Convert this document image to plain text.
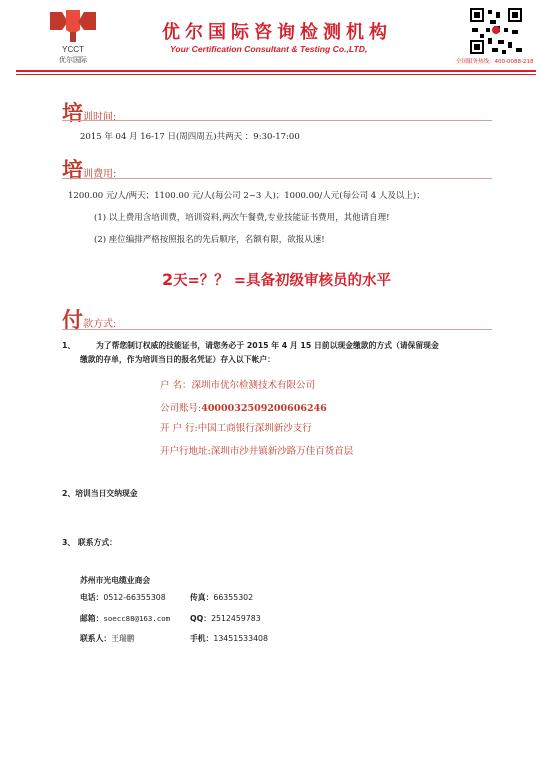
YCCT
优尔国际
优尔国际咨询检测机构
Your Certification Consultant & Testing Co.,LTD,
全国服务热线：400-0088-218
培训时间:
2015 年 04 月 16-17 日(周四周五)共两天 ：9:30-17:00
培训费用:
1200.00 元/人/两天；1100.00 元/人(每公司 2~3 人)；1000.00/人元(每公司 4 人及以上)；
(1) 以上费用含培训费，培训资料,两次午餐费,专业技能证书费用，其他请自理!
(2) 座位编排严格按照报名的先后顺序，名额有限，欲报从速!
2天=？？ =具备初级审核员的水平
付款方式:
1、	为了帮您制订权威的技能证书，请您务必于 2015 年 4 月 15 日前以现金缴款的方式（请保留现金
缴款的存单，作为培训当日的报名凭证）存入以下帐户：
户 名：深圳市优尔检测技术有限公司
公司账号:4000032509200606246
开 户 行:中国工商银行深圳新沙支行
开户行地址:深圳市沙井镇新沙路万佳百货首层
2、培训当日交纳现金
3、 联系方式：
苏州市光电缆业商会
电话：0512-66355308	传真：66355302
邮箱：soecc88@163.com	QQ：2512459783
联系人：王瑞鹏	手机：13451533408
